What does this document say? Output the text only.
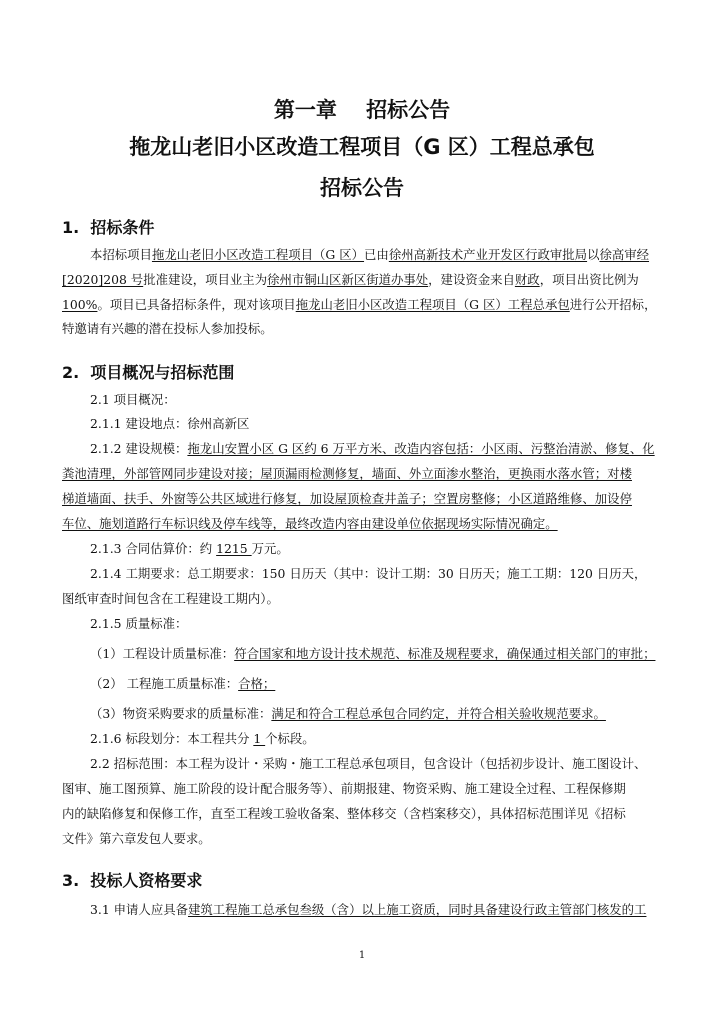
第一章    招标公告
拖龙山老旧小区改造工程项目（G 区）工程总承包
招标公告
1.  招标条件
本招标项目拖龙山老旧小区改造工程项目（G 区）已由徐州高新技术产业开发区行政审批局以徐高审经
[2020]208 号批准建设，项目业主为徐州市铜山区新区街道办事处，建设资金来自财政，项目出资比例为
100%。项目已具备招标条件，现对该项目拖龙山老旧小区改造工程项目（G 区）工程总承包进行公开招标，
特邀请有兴趣的潜在投标人参加投标。
2.  项目概况与招标范围
2.1 项目概况：
2.1.1 建设地点：徐州高新区
2.1.2 建设规模：拖龙山安置小区 G 区约 6 万平方米、改造内容包括：小区雨、污整治清淤、修复、化
粪池清理，外部管网同步建设对接；屋顶漏雨检测修复，墙面、外立面渗水整治，更换雨水落水管；对楼
梯道墙面、扶手、外窗等公共区域进行修复，加设屋顶检查井盖子；空置房整修；小区道路维修、加设停
车位、施划道路行车标识线及停车线等，最终改造内容由建设单位依据现场实际情况确定。
2.1.3 合同估算价：约 1215 万元。
2.1.4 工期要求：总工期要求：150 日历天（其中：设计工期：30 日历天；施工工期：120 日历天，
图纸审查时间包含在工程建设工期内）。
2.1.5 质量标准：
（1）工程设计质量标准：符合国家和地方设计技术规范、标准及规程要求，确保通过相关部门的审批；
（2） 工程施工质量标准：合格；
（3）物资采购要求的质量标准：满足和符合工程总承包合同约定，并符合相关验收规范要求。
2.1.6 标段划分：本工程共分 1 个标段。
2.2 招标范围：本工程为设计・采购・施工工程总承包项目，包含设计（包括初步设计、施工图设计、
图审、施工图预算、施工阶段的设计配合服务等）、前期报建、物资采购、施工建设全过程、工程保修期
内的缺陷修复和保修工作，直至工程竣工验收备案、整体移交（含档案移交），具体招标范围详见《招标
文件》第六章发包人要求。
3.  投标人资格要求
3.1 申请人应具备建筑工程施工总承包叁级（含）以上施工资质，同时具备建设行政主管部门核发的工
1
